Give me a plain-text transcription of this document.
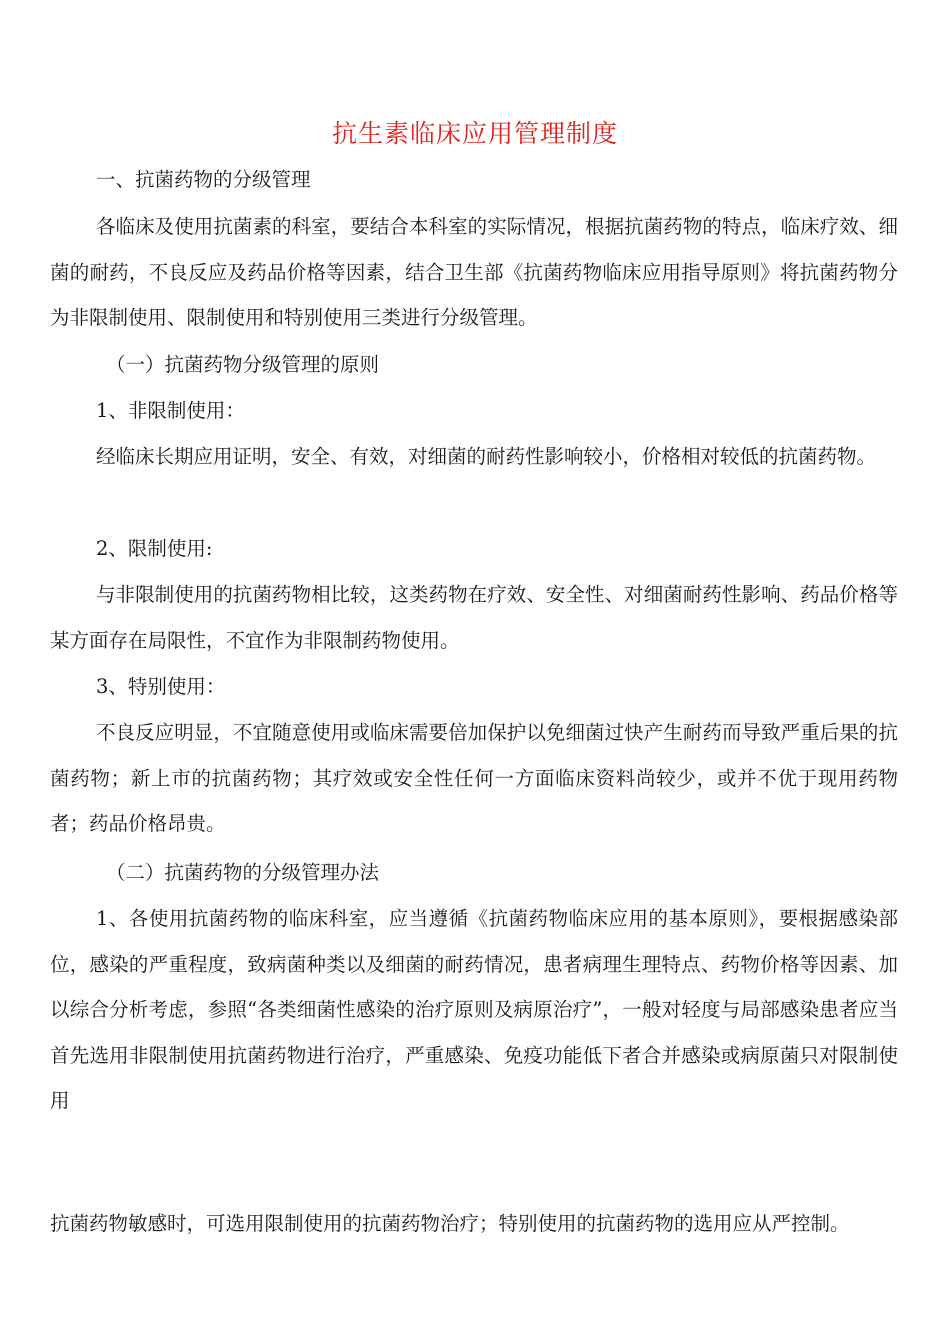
抗生素临床应用管理制度
一、抗菌药物的分级管理
各临床及使用抗菌素的科室，要结合本科室的实际情况，根据抗菌药物的特点，临床疗效、细菌的耐药，不良反应及药品价格等因素，结合卫生部《抗菌药物临床应用指导原则》将抗菌药物分为非限制使用、限制使用和特别使用三类进行分级管理。
（一）抗菌药物分级管理的原则
1、非限制使用：
经临床长期应用证明，安全、有效，对细菌的耐药性影响较小，价格相对较低的抗菌药物。
2、限制使用:
与非限制使用的抗菌药物相比较，这类药物在疗效、安全性、对细菌耐药性影响、药品价格等某方面存在局限性，不宜作为非限制药物使用。
3、特别使用：
不良反应明显，不宜随意使用或临床需要倍加保护以免细菌过快产生耐药而导致严重后果的抗菌药物；新上市的抗菌药物；其疗效或安全性任何一方面临床资料尚较少，或并不优于现用药物者；药品价格昂贵。
（二）抗菌药物的分级管理办法
1、各使用抗菌药物的临床科室，应当遵循《抗菌药物临床应用的基本原则》，要根据感染部位，感染的严重程度，致病菌种类以及细菌的耐药情况，患者病理生理特点、药物价格等因素、加以综合分析考虑，参照“各类细菌性感染的治疗原则及病原治疗”，一般对轻度与局部感染患者应当首先选用非限制使用抗菌药物进行治疗，严重感染、免疫功能低下者合并感染或病原菌只对限制使用
抗菌药物敏感时，可选用限制使用的抗菌药物治疗；特别使用的抗菌药物的选用应从严控制。
